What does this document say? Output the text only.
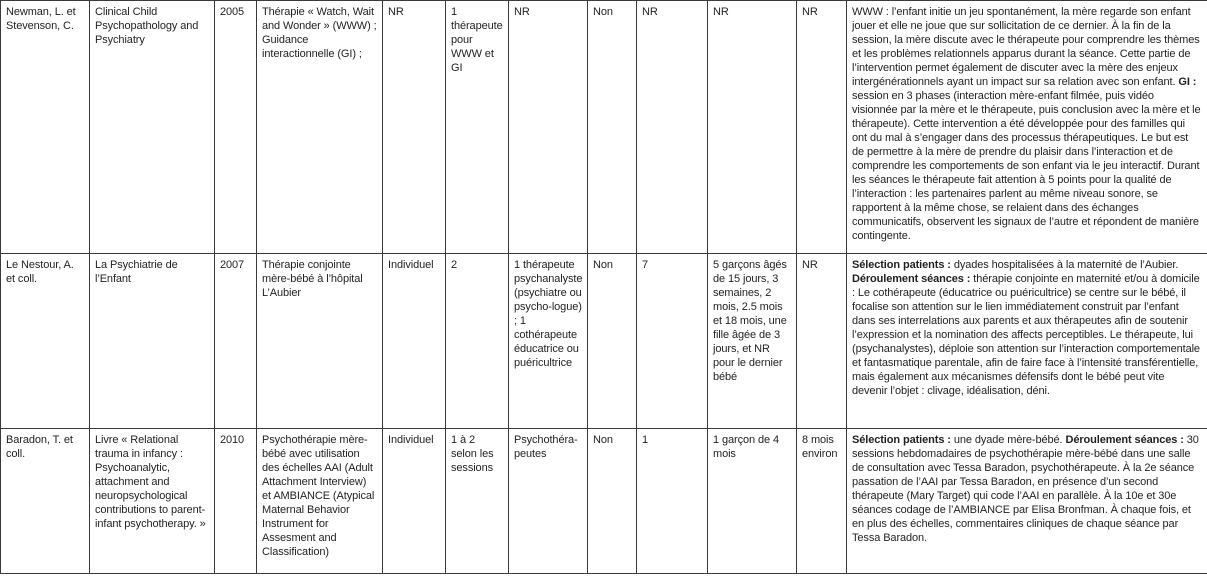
Newman, L. et Stevenson, C.	Clinical Child Psychopathology and Psychiatry	2005	Thérapie « Watch, Wait and Wonder » (WWW) ; Guidance interactionnelle (GI) ;	NR	1 thérapeute pour WWW et GI	NR	Non	NR	NR	NR	WWW : l’enfant initie un jeu spontanément, la mère regarde son enfant jouer et elle ne joue que sur sollicitation de ce dernier. À la fin de la session, la mère discute avec le thérapeute pour comprendre les thèmes et les problèmes relationnels apparus durant la séance. Cette partie de l’intervention permet également de discuter avec la mère des enjeux intergénérationnels ayant un impact sur sa relation avec son enfant. GI : session en 3 phases (interaction mère-enfant filmée, puis vidéo visionnée par la mère et le thérapeute, puis conclusion avec la mère et le thérapeute). Cette intervention a été développée pour des familles qui ont du mal à s’engager dans des processus thérapeutiques. Le but est de permettre à la mère de prendre du plaisir dans l’interaction et de comprendre les comportements de son enfant via le jeu interactif. Durant les séances le thérapeute fait attention à 5 points pour la qualité de l’interaction : les partenaires parlent au même niveau sonore, se rapportent à la même chose, se relaient dans des échanges communicatifs, observent les signaux de l’autre et répondent de manière contingente.
Le Nestour, A. et coll.	La Psychiatrie de l’Enfant	2007	Thérapie conjointe mère-bébé à l’hôpital L’Aubier	Individuel	2	1 thérapeute psychanalyste (psychiatre ou psycho-logue) ; 1 cothérapeute éducatrice ou puéricultrice	Non	7	5 garçons âgés de 15 jours, 3 semaines, 2 mois, 2.5 mois et 18 mois, une fille âgée de 3 jours, et NR pour le dernier bébé	NR	Sélection patients : dyades hospitalisées à la maternité de l’Aubier. Déroulement séances : thérapie conjointe en maternité et/ou à domicile : Le cothérapeute (éducatrice ou puéricultrice) se centre sur le bébé, il focalise son attention sur le lien immédiatement construit par l’enfant dans ses interrelations aux parents et aux thérapeutes afin de soutenir l’expression et la nomination des affects perceptibles. Le thérapeute, lui (psychanalystes), déploie son attention sur l’interaction comportementale et fantasmatique parentale, afin de faire face à l’intensité transférentielle, mais également aux mécanismes défensifs dont le bébé peut vite devenir l’objet : clivage, idéalisation, déni.
Baradon, T. et coll.	Livre « Relational trauma in infancy : Psychoanalytic, attachment and neuropsychological contributions to parent-infant psychotherapy. »	2010	Psychothérapie mère-bébé avec utilisation des échelles AAI (Adult Attachment Interview) et AMBIANCE (Atypical Maternal Behavior Instrument for Assesment and Classification)	Individuel	1 à 2 selon les sessions	Psychothéra-peutes	Non	1	1 garçon de 4 mois	8 mois environ	Sélection patients : une dyade mère-bébé. Déroulement séances : 30 sessions hebdomadaires de psychothérapie mère-bébé dans une salle de consultation avec Tessa Baradon, psychothérapeute. À la 2e séance passation de l’AAI par Tessa Baradon, en présence d’un second thérapeute (Mary Target) qui code l’AAI en parallèle. À la 10e et 30e séances codage de l’AMBIANCE par Elisa Bronfman. À chaque fois, et en plus des échelles, commentaires cliniques de chaque séance par Tessa Baradon.
